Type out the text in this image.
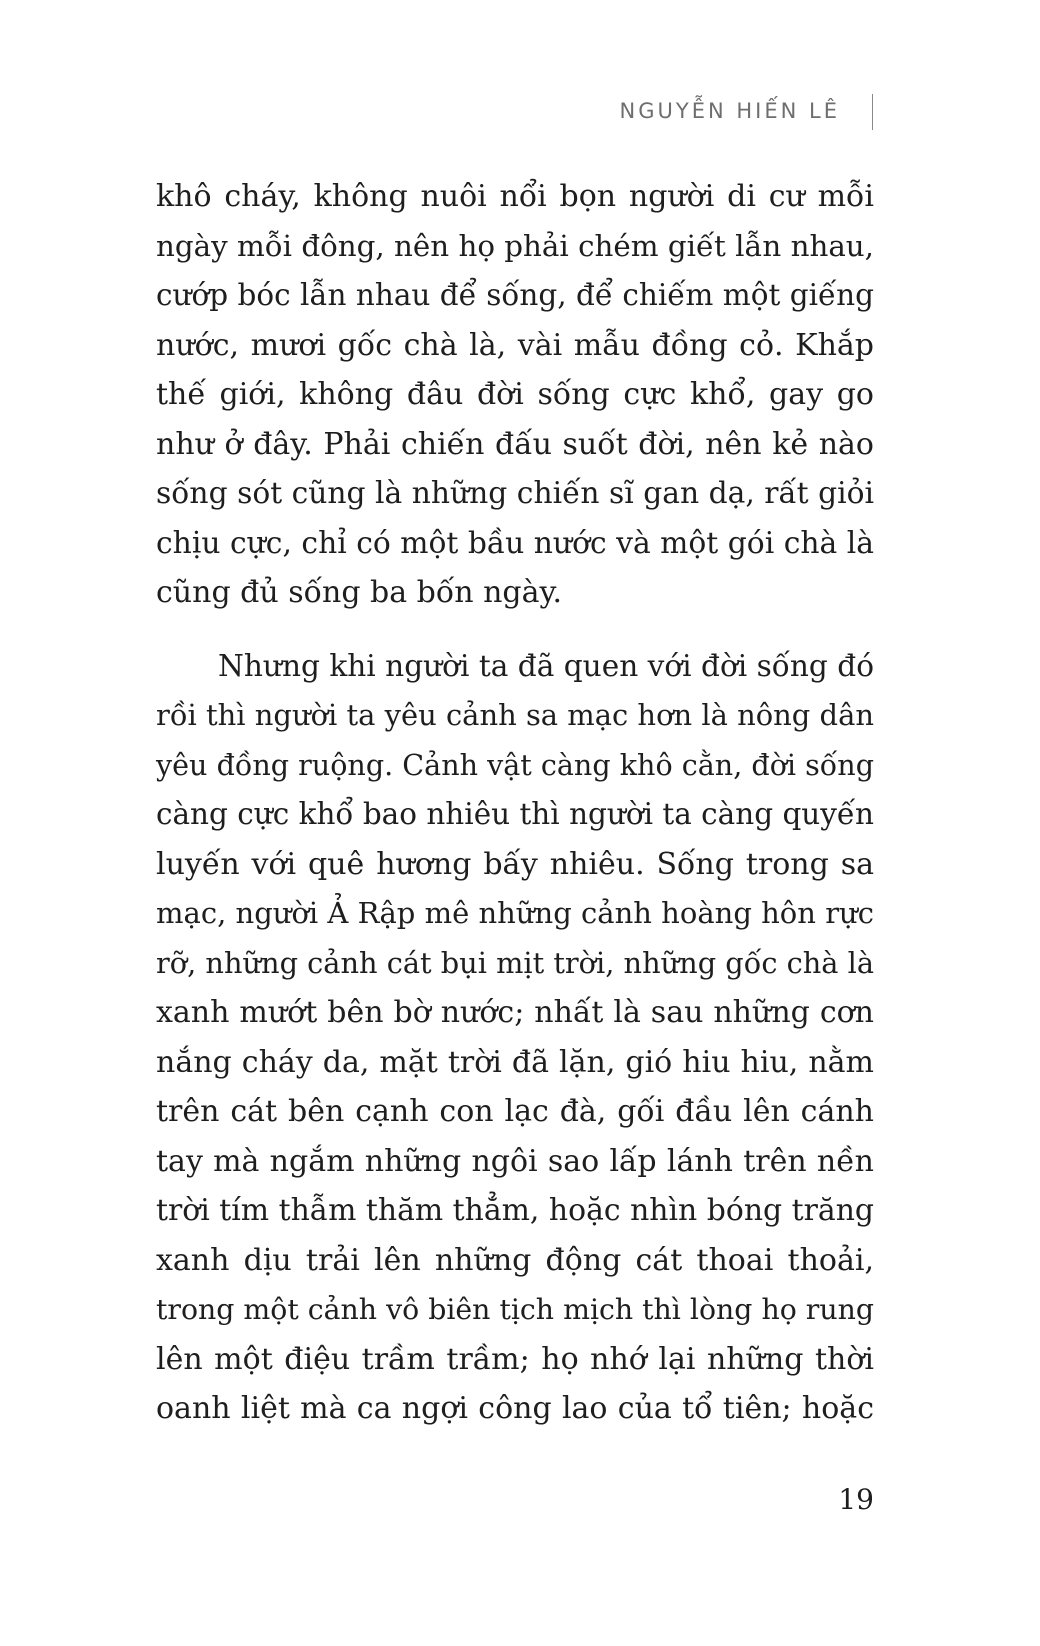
NGUYỄN HIẾN LÊ
khô cháy, không nuôi nổi bọn người di cư mỗi
ngày mỗi đông, nên họ phải chém giết lẫn nhau,
cướp bóc lẫn nhau để sống, để chiếm một giếng
nước, mươi gốc chà là, vài mẫu đồng cỏ. Khắp
thế giới, không đâu đời sống cực khổ, gay go
như ở đây. Phải chiến đấu suốt đời, nên kẻ nào
sống sót cũng là những chiến sĩ gan dạ, rất giỏi
chịu cực, chỉ có một bầu nước và một gói chà là
cũng đủ sống ba bốn ngày.
Nhưng khi người ta đã quen với đời sống đó
rồi thì người ta yêu cảnh sa mạc hơn là nông dân
yêu đồng ruộng. Cảnh vật càng khô cằn, đời sống
càng cực khổ bao nhiêu thì người ta càng quyến
luyến với quê hương bấy nhiêu. Sống trong sa
mạc, người Ả Rập mê những cảnh hoàng hôn rực
rỡ, những cảnh cát bụi mịt trời, những gốc chà là
xanh mướt bên bờ nước; nhất là sau những cơn
nắng cháy da, mặt trời đã lặn, gió hiu hiu, nằm
trên cát bên cạnh con lạc đà, gối đầu lên cánh
tay mà ngắm những ngôi sao lấp lánh trên nền
trời tím thẫm thăm thẳm, hoặc nhìn bóng trăng
xanh dịu trải lên những động cát thoai thoải,
trong một cảnh vô biên tịch mịch thì lòng họ rung
lên một điệu trầm trầm; họ nhớ lại những thời
oanh liệt mà ca ngợi công lao của tổ tiên; hoặc
19
